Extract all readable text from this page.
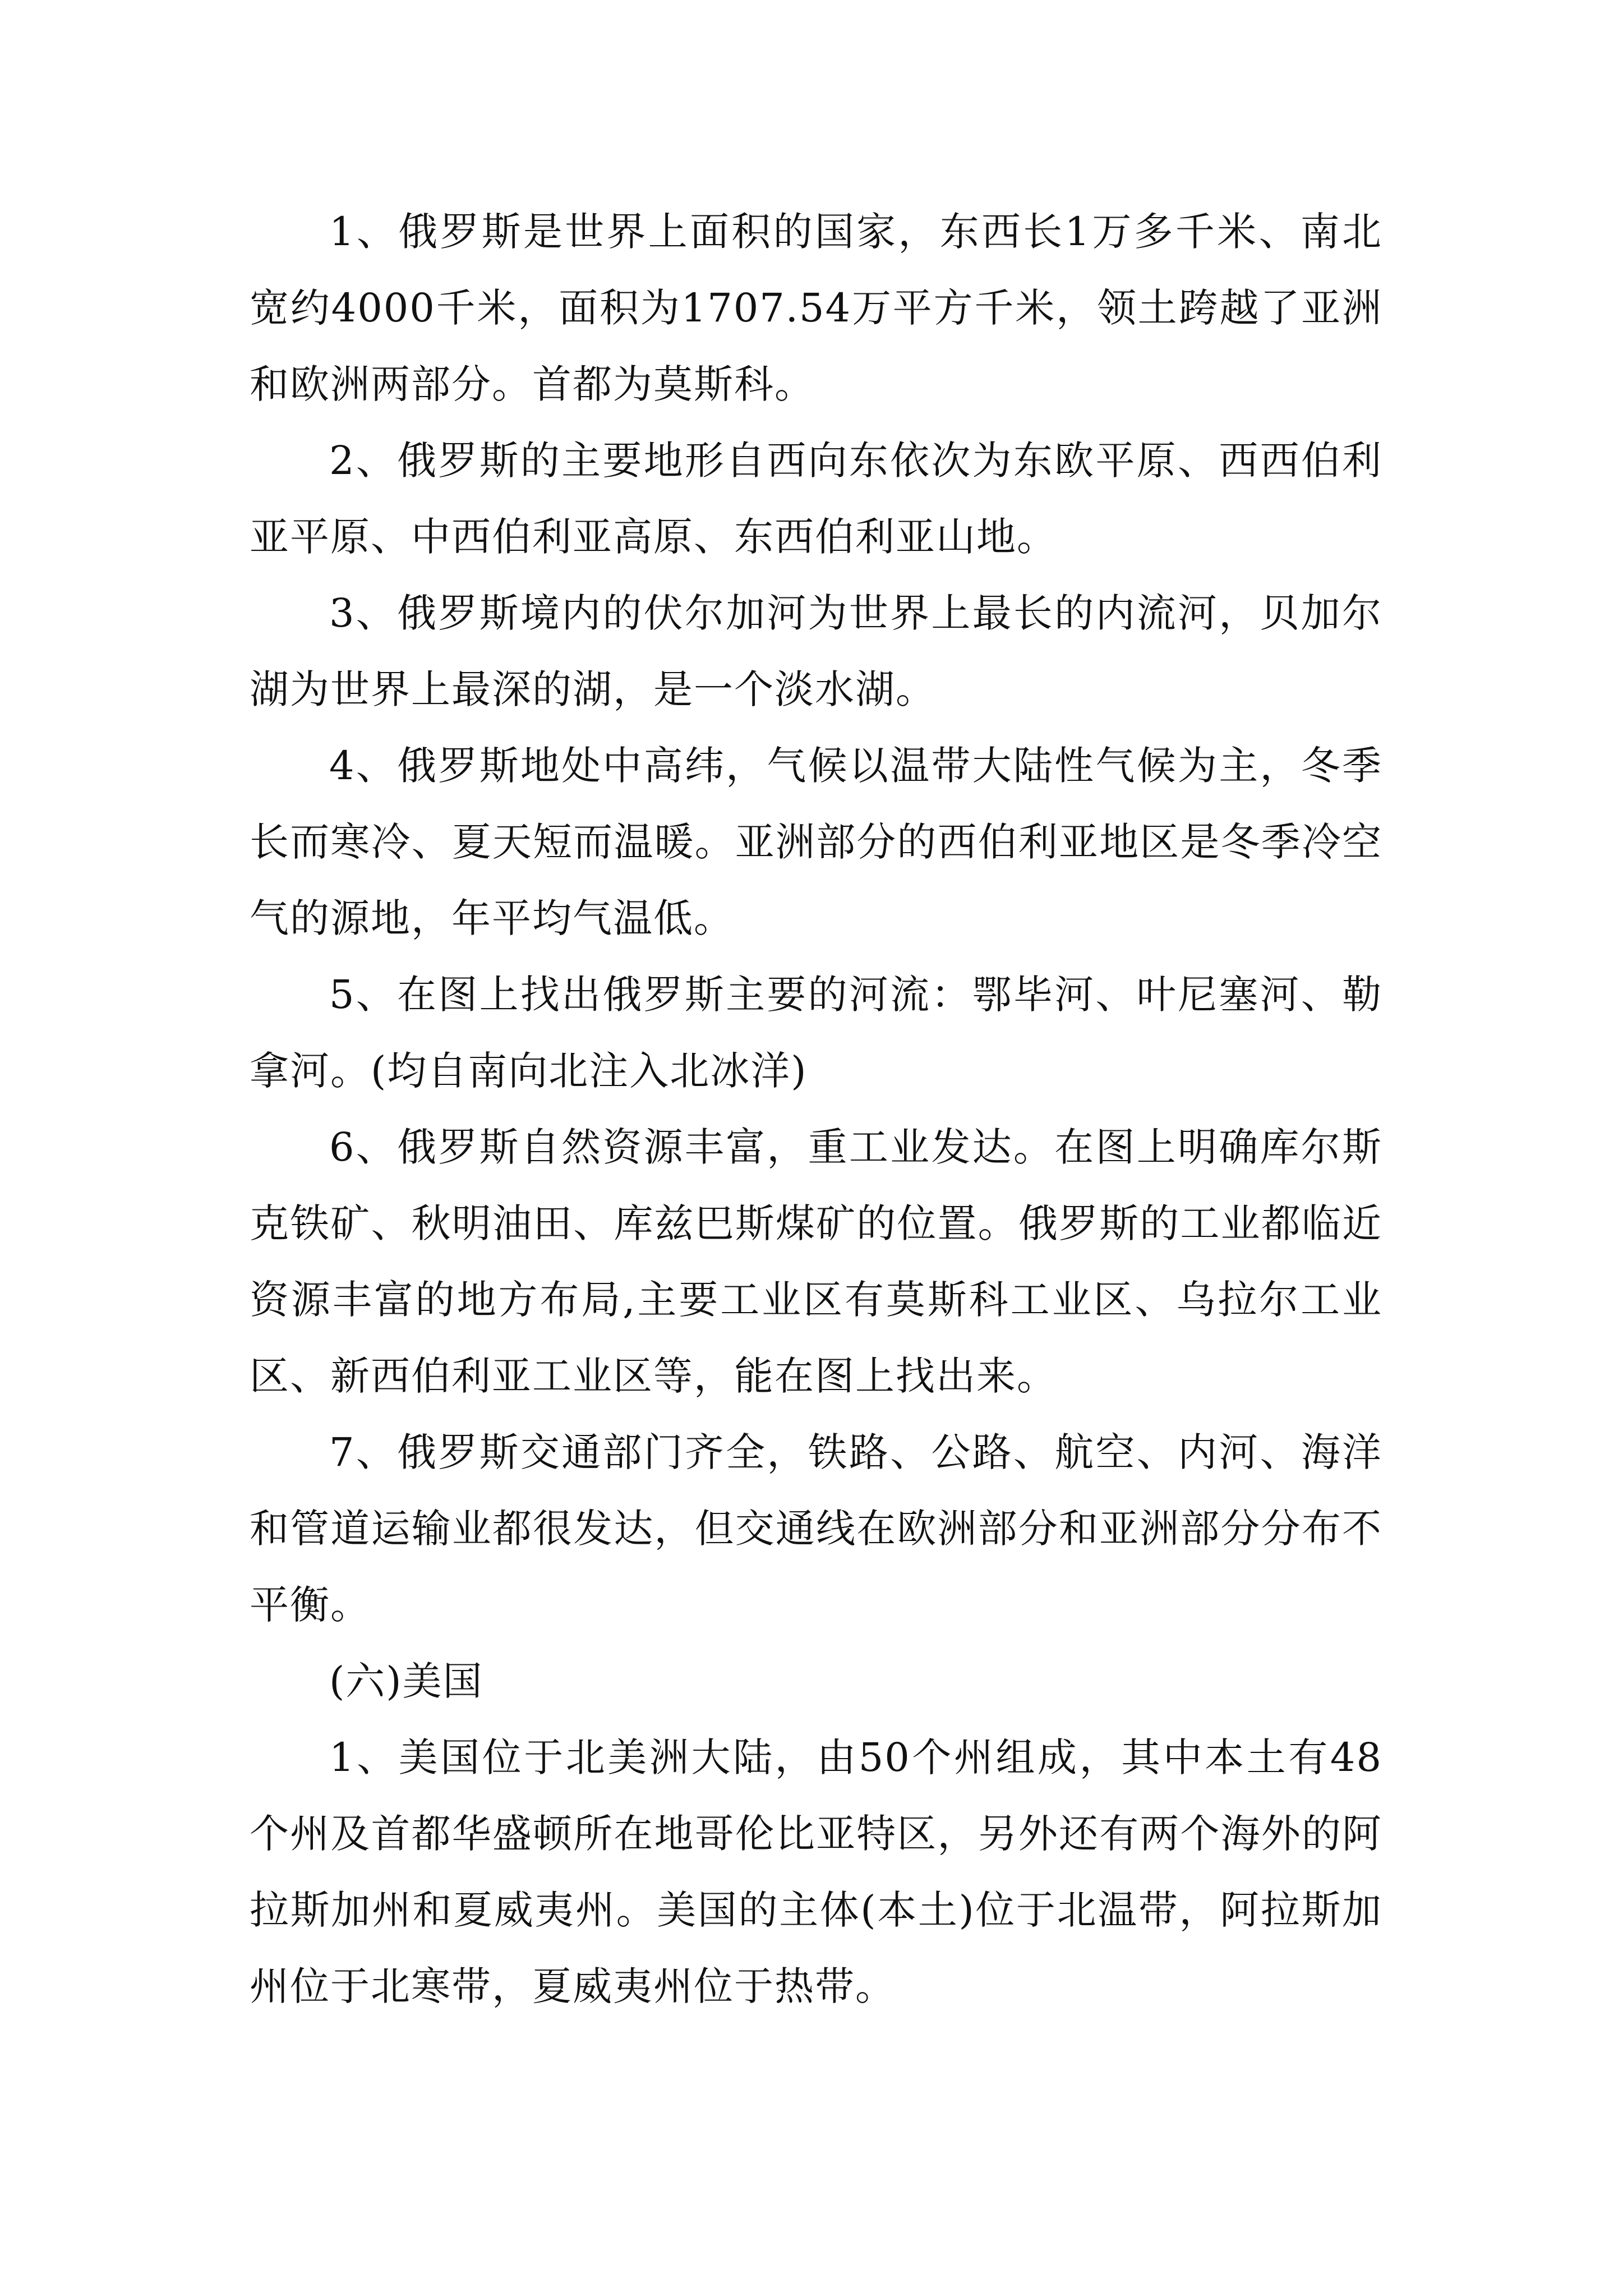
1、俄罗斯是世界上面积的国家，东西长1万多千米、南北宽约4000千米，面积为1707.54万平方千米，领土跨越了亚洲和欧洲两部分。首都为莫斯科。

2、俄罗斯的主要地形自西向东依次为东欧平原、西西伯利亚平原、中西伯利亚高原、东西伯利亚山地。

3、俄罗斯境内的伏尔加河为世界上最长的内流河，贝加尔湖为世界上最深的湖，是一个淡水湖。

4、俄罗斯地处中高纬，气候以温带大陆性气候为主，冬季长而寒冷、夏天短而温暖。亚洲部分的西伯利亚地区是冬季冷空气的源地，年平均气温低。

5、在图上找出俄罗斯主要的河流：鄂毕河、叶尼塞河、勒拿河。(均自南向北注入北冰洋)

6、俄罗斯自然资源丰富，重工业发达。在图上明确库尔斯克铁矿、秋明油田、库兹巴斯煤矿的位置。俄罗斯的工业都临近资源丰富的地方布局,主要工业区有莫斯科工业区、乌拉尔工业区、新西伯利亚工业区等，能在图上找出来。

7、俄罗斯交通部门齐全，铁路、公路、航空、内河、海洋和管道运输业都很发达，但交通线在欧洲部分和亚洲部分分布不平衡。

(六)美国

1、美国位于北美洲大陆，由50个州组成，其中本土有48个州及首都华盛顿所在地哥伦比亚特区，另外还有两个海外的阿拉斯加州和夏威夷州。美国的主体(本土)位于北温带，阿拉斯加州位于北寒带，夏威夷州位于热带。
